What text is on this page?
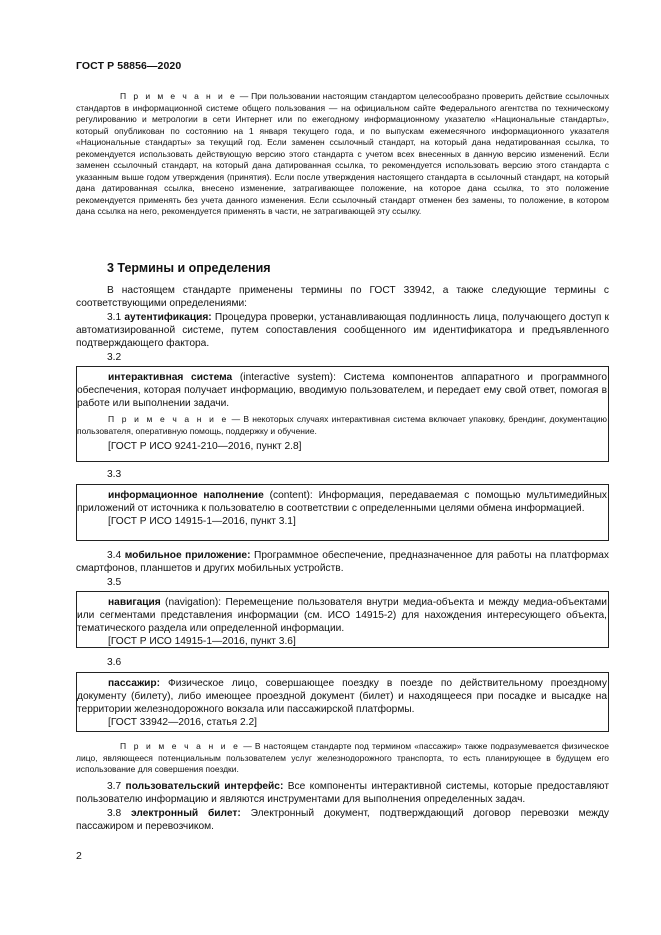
ГОСТ Р 58856—2020
П р и м е ч а н и е — При пользовании настоящим стандартом целесообразно проверить действие ссылочных стандартов в информационной системе общего пользования — на официальном сайте Федерального агентства по техническому регулированию и метрологии в сети Интернет или по ежегодному информационному указателю «Национальные стандарты», который опубликован по состоянию на 1 января текущего года, и по выпускам ежемесячного информационного указателя «Национальные стандарты» за текущий год. Если заменен ссылочный стандарт, на который дана недатированная ссылка, то рекомендуется использовать действующую версию этого стандарта с учетом всех внесенных в данную версию изменений. Если заменен ссылочный стандарт, на который дана датированная ссылка, то рекомендуется использовать версию этого стандарта с указанным выше годом утверждения (принятия). Если после утверждения настоящего стандарта в ссылочный стандарт, на который дана датированная ссылка, внесено изменение, затрагивающее положение, на которое дана ссылка, то это положение рекомендуется применять без учета данного изменения. Если ссылочный стандарт отменен без замены, то положение, в котором дана ссылка на него, рекомендуется применять в части, не затрагивающей эту ссылку.
3 Термины и определения
В настоящем стандарте применены термины по ГОСТ 33942, а также следующие термины с соответствующими определениями:
3.1 аутентификация: Процедура проверки, устанавливающая подлинность лица, получающего доступ к автоматизированной системе, путем сопоставления сообщенного им идентификатора и предъявленного подтверждающего фактора.
3.2

интерактивная система (interactive system): Система компонентов аппаратного и программного обеспечения, которая получает информацию, вводимую пользователем, и передает ему свой ответ, помогая в работе или выполнении задачи.

П р и м е ч а н и е — В некоторых случаях интерактивная система включает упаковку, брендинг, документацию пользователя, оперативную помощь, поддержку и обучение.

[ГОСТ Р ИСО 9241-210—2016, пункт 2.8]

3.3

информационное наполнение (content): Информация, передаваемая с помощью мультимедийных приложений от источника к пользователю в соответствии с определенными целями обмена информацией.

[ГОСТ Р ИСО 14915-1—2016, пункт 3.1]

3.4 мобильное приложение: Программное обеспечение, предназначенное для работы на платформах смартфонов, планшетов и других мобильных устройств.
3.5

навигация (navigation): Перемещение пользователя внутри медиа-объекта и между медиа-объектами или сегментами представления информации (см. ИСО 14915-2) для нахождения интересующего объекта, тематического раздела или определенной информации.

[ГОСТ Р ИСО 14915-1—2016, пункт 3.6]

3.6

пассажир: Физическое лицо, совершающее поездку в поезде по действительному проездному документу (билету), либо имеющее проездной документ (билет) и находящееся при посадке и высадке на территории железнодорожного вокзала или пассажирской платформы.

[ГОСТ 33942—2016, статья 2.2]

П р и м е ч а н и е — В настоящем стандарте под термином «пассажир» также подразумевается физическое лицо, являющееся потенциальным пользователем услуг железнодорожного транспорта, то есть планирующее в будущем его использование для совершения поездки.
3.7 пользовательский интерфейс: Все компоненты интерактивной системы, которые предоставляют пользователю информацию и являются инструментами для выполнения определенных задач.
3.8 электронный билет: Электронный документ, подтверждающий договор перевозки между пассажиром и перевозчиком.
2
